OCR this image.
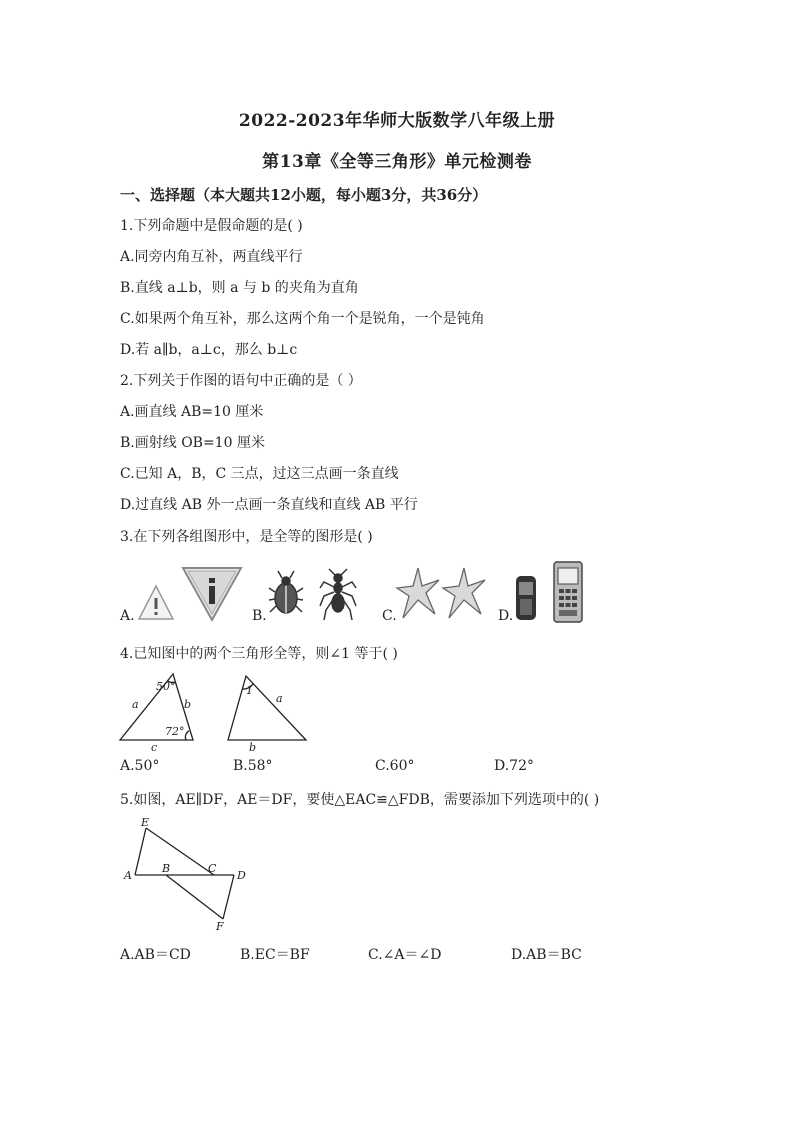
2022-2023年华师大版数学八年级上册
第13章《全等三角形》单元检测卷
一、选择题（本大题共12小题，每小题3分，共36分）
1.下列命题中是假命题的是( )
A.同旁内角互补，两直线平行
B.直线 a⊥b，则 a 与 b 的夹角为直角
C.如果两个角互补，那么这两个角一个是锐角，一个是钝角
D.若 a∥b，a⊥c，那么 b⊥c
2.下列关于作图的语句中正确的是（ ）
A.画直线 AB=10 厘米
B.画射线 OB=10 厘米
C.已知 A，B，C 三点，过这三点画一条直线
D.过直线 AB 外一点画一条直线和直线 AB 平行
3.在下列各组图形中，是全等的图形是( )
A.	B.	C.	D.
4.已知图中的两个三角形全等，则∠1 等于( )
50°
72°
a	b
c
1
a
b
A.50°	B.58°	C.60°	D.72°
5.如图，AE∥DF，AE＝DF，要使△EAC≌△FDB，需要添加下列选项中的( )
E
A
B	C
D
F
A.AB＝CD	B.EC＝BF	C.∠A＝∠D	D.AB＝BC
